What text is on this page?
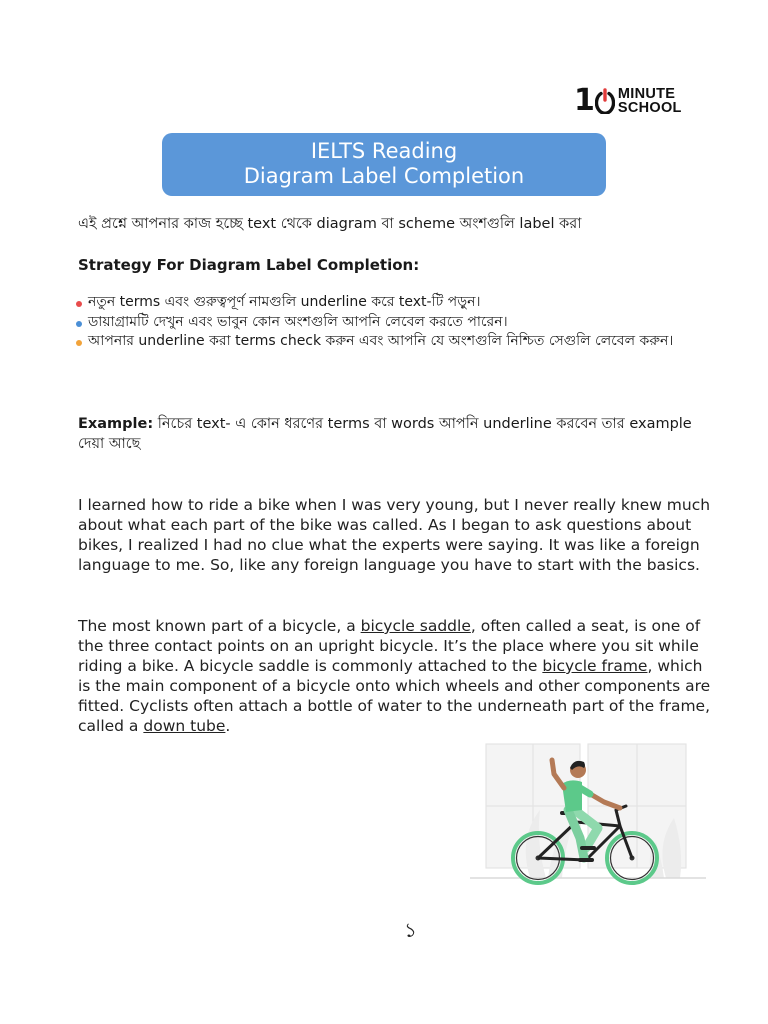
1 MINUTE
SCHOOL
IELTS Reading
Diagram Label Completion
এই প্রশ্নে আপনার কাজ হচ্ছে text থেকে diagram বা scheme অংশগুলি label করা
Strategy For Diagram Label Completion:
নতুন terms এবং গুরুত্বপূর্ণ নামগুলি underline করে text-টি পড়ুন।
ডায়াগ্রামটি দেখুন এবং ভাবুন কোন অংশগুলি আপনি লেবেল করতে পারেন।
আপনার underline করা terms check করুন এবং আপনি যে অংশগুলি নিশ্চিত সেগুলি লেবেল করুন।
Example: নিচের text- এ কোন ধরণের terms বা words আপনি underline করবেন তার example দেয়া আছে

I learned how to ride a bike when I was very young, but I never really knew much about what each part of the bike was called. As I began to ask questions about bikes, I realized I had no clue what the experts were saying. It was like a foreign language to me. So, like any foreign language you have to start with the basics.

The most known part of a bicycle, a bicycle saddle, often called a seat, is one of the three contact points on an upright bicycle. It’s the place where you sit while riding a bike. A bicycle saddle is commonly attached to the bicycle frame, which is the main component of a bicycle onto which wheels and other components are fitted. Cyclists often attach a bottle of water to the underneath part of the frame, called a down tube.

১
